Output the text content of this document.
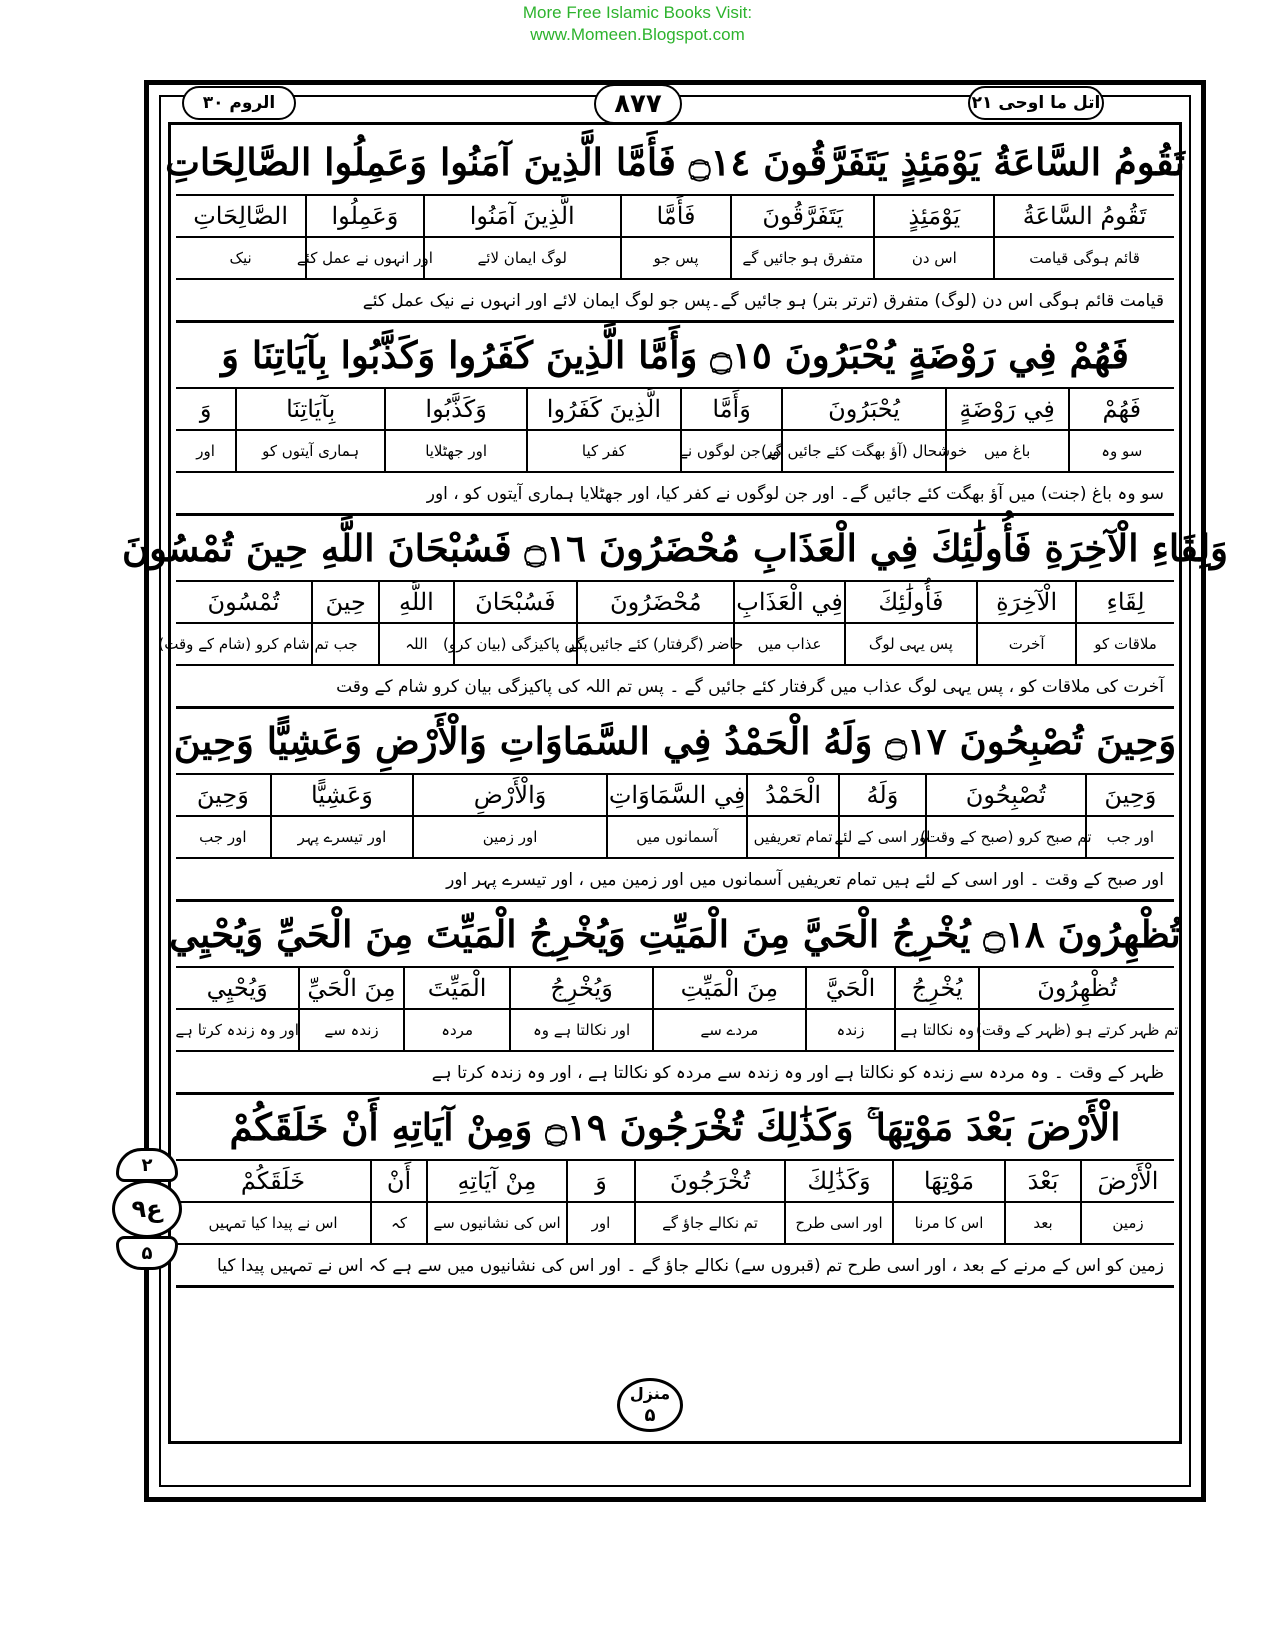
More Free Islamic Books Visit:
www.Momeen.Blogspot.com
الروم ۳۰	۸۷۷	اتل ما اوحی ۲۱
تَقُومُ السَّاعَةُ يَوْمَئِذٍ يَتَفَرَّقُونَ ۝١٤ فَأَمَّا الَّذِينَ آمَنُوا وَعَمِلُوا الصَّالِحَاتِ
تَقُومُ السَّاعَةُ
يَوْمَئِذٍ
يَتَفَرَّقُونَ
فَأَمَّا
الَّذِينَ آمَنُوا
وَعَمِلُوا
الصَّالِحَاتِ
قائم ہوگی قیامت
اس دن
متفرق ہو جائیں گے
پس جو
لوگ ایمان لائے
اور انہوں نے عمل کئے
نیک
قیامت قائم ہوگی اس دن (لوگ) متفرق (ترتر بتر) ہو جائیں گے۔پس جو لوگ ایمان لائے اور انہوں نے نیک عمل کئے
فَهُمْ فِي رَوْضَةٍ يُحْبَرُونَ ۝١٥ وَأَمَّا الَّذِينَ كَفَرُوا وَكَذَّبُوا بِآيَاتِنَا وَ
فَهُمْ
فِي رَوْضَةٍ
يُحْبَرُونَ
وَأَمَّا
الَّذِينَ كَفَرُوا
وَكَذَّبُوا
بِآيَاتِنَا
وَ
سو وہ
باغ میں
خوشحال (آؤ بھگت کئے جائیں گے)
اور جن لوگوں نے
کفر کیا
اور جھٹلایا
ہماری آیتوں کو
اور
سو وہ باغ (جنت) میں آؤ بھگت کئے جائیں گے۔ اور جن لوگوں نے کفر کیا، اور جھٹلایا ہماری آیتوں کو ، اور
وَلِقَاءِ الْآخِرَةِ فَأُولَٰئِكَ فِي الْعَذَابِ مُحْضَرُونَ ۝١٦ فَسُبْحَانَ اللَّهِ حِينَ تُمْسُونَ
لِقَاءِ
الْآخِرَةِ
فَأُولَٰئِكَ
فِي الْعَذَابِ
مُحْضَرُونَ
فَسُبْحَانَ
اللَّهِ
حِينَ
تُمْسُونَ
ملاقات کو
آخرت
پس یہی لوگ
عذاب میں
حاضر (گرفتار) کئے جائیں گے
پس پاکیزگی (بیان کرو)
اللہ
جب
تم شام کرو (شام کے وقت)
آخرت کی ملاقات کو ، پس یہی لوگ عذاب میں گرفتار کئے جائیں گے ۔ پس تم اللہ کی پاکیزگی بیان کرو شام کے وقت
وَحِينَ تُصْبِحُونَ ۝١٧ وَلَهُ الْحَمْدُ فِي السَّمَاوَاتِ وَالْأَرْضِ وَعَشِيًّا وَحِينَ
وَحِينَ
تُصْبِحُونَ
وَلَهُ
الْحَمْدُ
فِي السَّمَاوَاتِ
وَالْأَرْضِ
وَعَشِيًّا
وَحِينَ
اور جب
تم صبح کرو (صبح کے وقت)
اور اسی کے لئے
تمام تعریفیں
آسمانوں میں
اور زمین
اور تیسرے پہر
اور جب
اور صبح کے وقت ۔ اور اسی کے لئے ہیں تمام تعریفیں آسمانوں میں اور زمین میں ، اور تیسرے پہر اور
تُظْهِرُونَ ۝١٨ يُخْرِجُ الْحَيَّ مِنَ الْمَيِّتِ وَيُخْرِجُ الْمَيِّتَ مِنَ الْحَيِّ وَيُحْيِي
تُظْهِرُونَ
يُخْرِجُ
الْحَيَّ
مِنَ الْمَيِّتِ
وَيُخْرِجُ
الْمَيِّتَ
مِنَ الْحَيِّ
وَيُحْيِي
تم ظہر کرتے ہو (ظہر کے وقت)
وہ نکالتا ہے
زندہ
مردے سے
اور نکالتا ہے وہ
مردہ
زندہ سے
اور وہ زندہ کرتا ہے
ظہر کے وقت ۔ وہ مردہ سے زندہ کو نکالتا ہے اور وہ زندہ سے مردہ کو نکالتا ہے ، اور وہ زندہ کرتا ہے
الْأَرْضَ بَعْدَ مَوْتِهَا ۚ وَكَذَٰلِكَ تُخْرَجُونَ ۝١٩ وَمِنْ آيَاتِهِ أَنْ خَلَقَكُمْ
الْأَرْضَ
بَعْدَ
مَوْتِهَا
وَكَذَٰلِكَ
تُخْرَجُونَ
وَ
مِنْ آيَاتِهِ
أَنْ
خَلَقَكُمْ
زمین
بعد
اس کا مرنا
اور اسی طرح
تم نکالے جاؤ گے
اور
اس کی نشانیوں سے
کہ
اس نے پیدا کیا تمہیں
زمین کو اس کے مرنے کے بعد ، اور اسی طرح تم (قبروں سے) نکالے جاؤ گے ۔ اور اس کی نشانیوں میں سے ہے کہ اس نے تمہیں پیدا کیا
۲
ع۹
۵
منزل
۵
